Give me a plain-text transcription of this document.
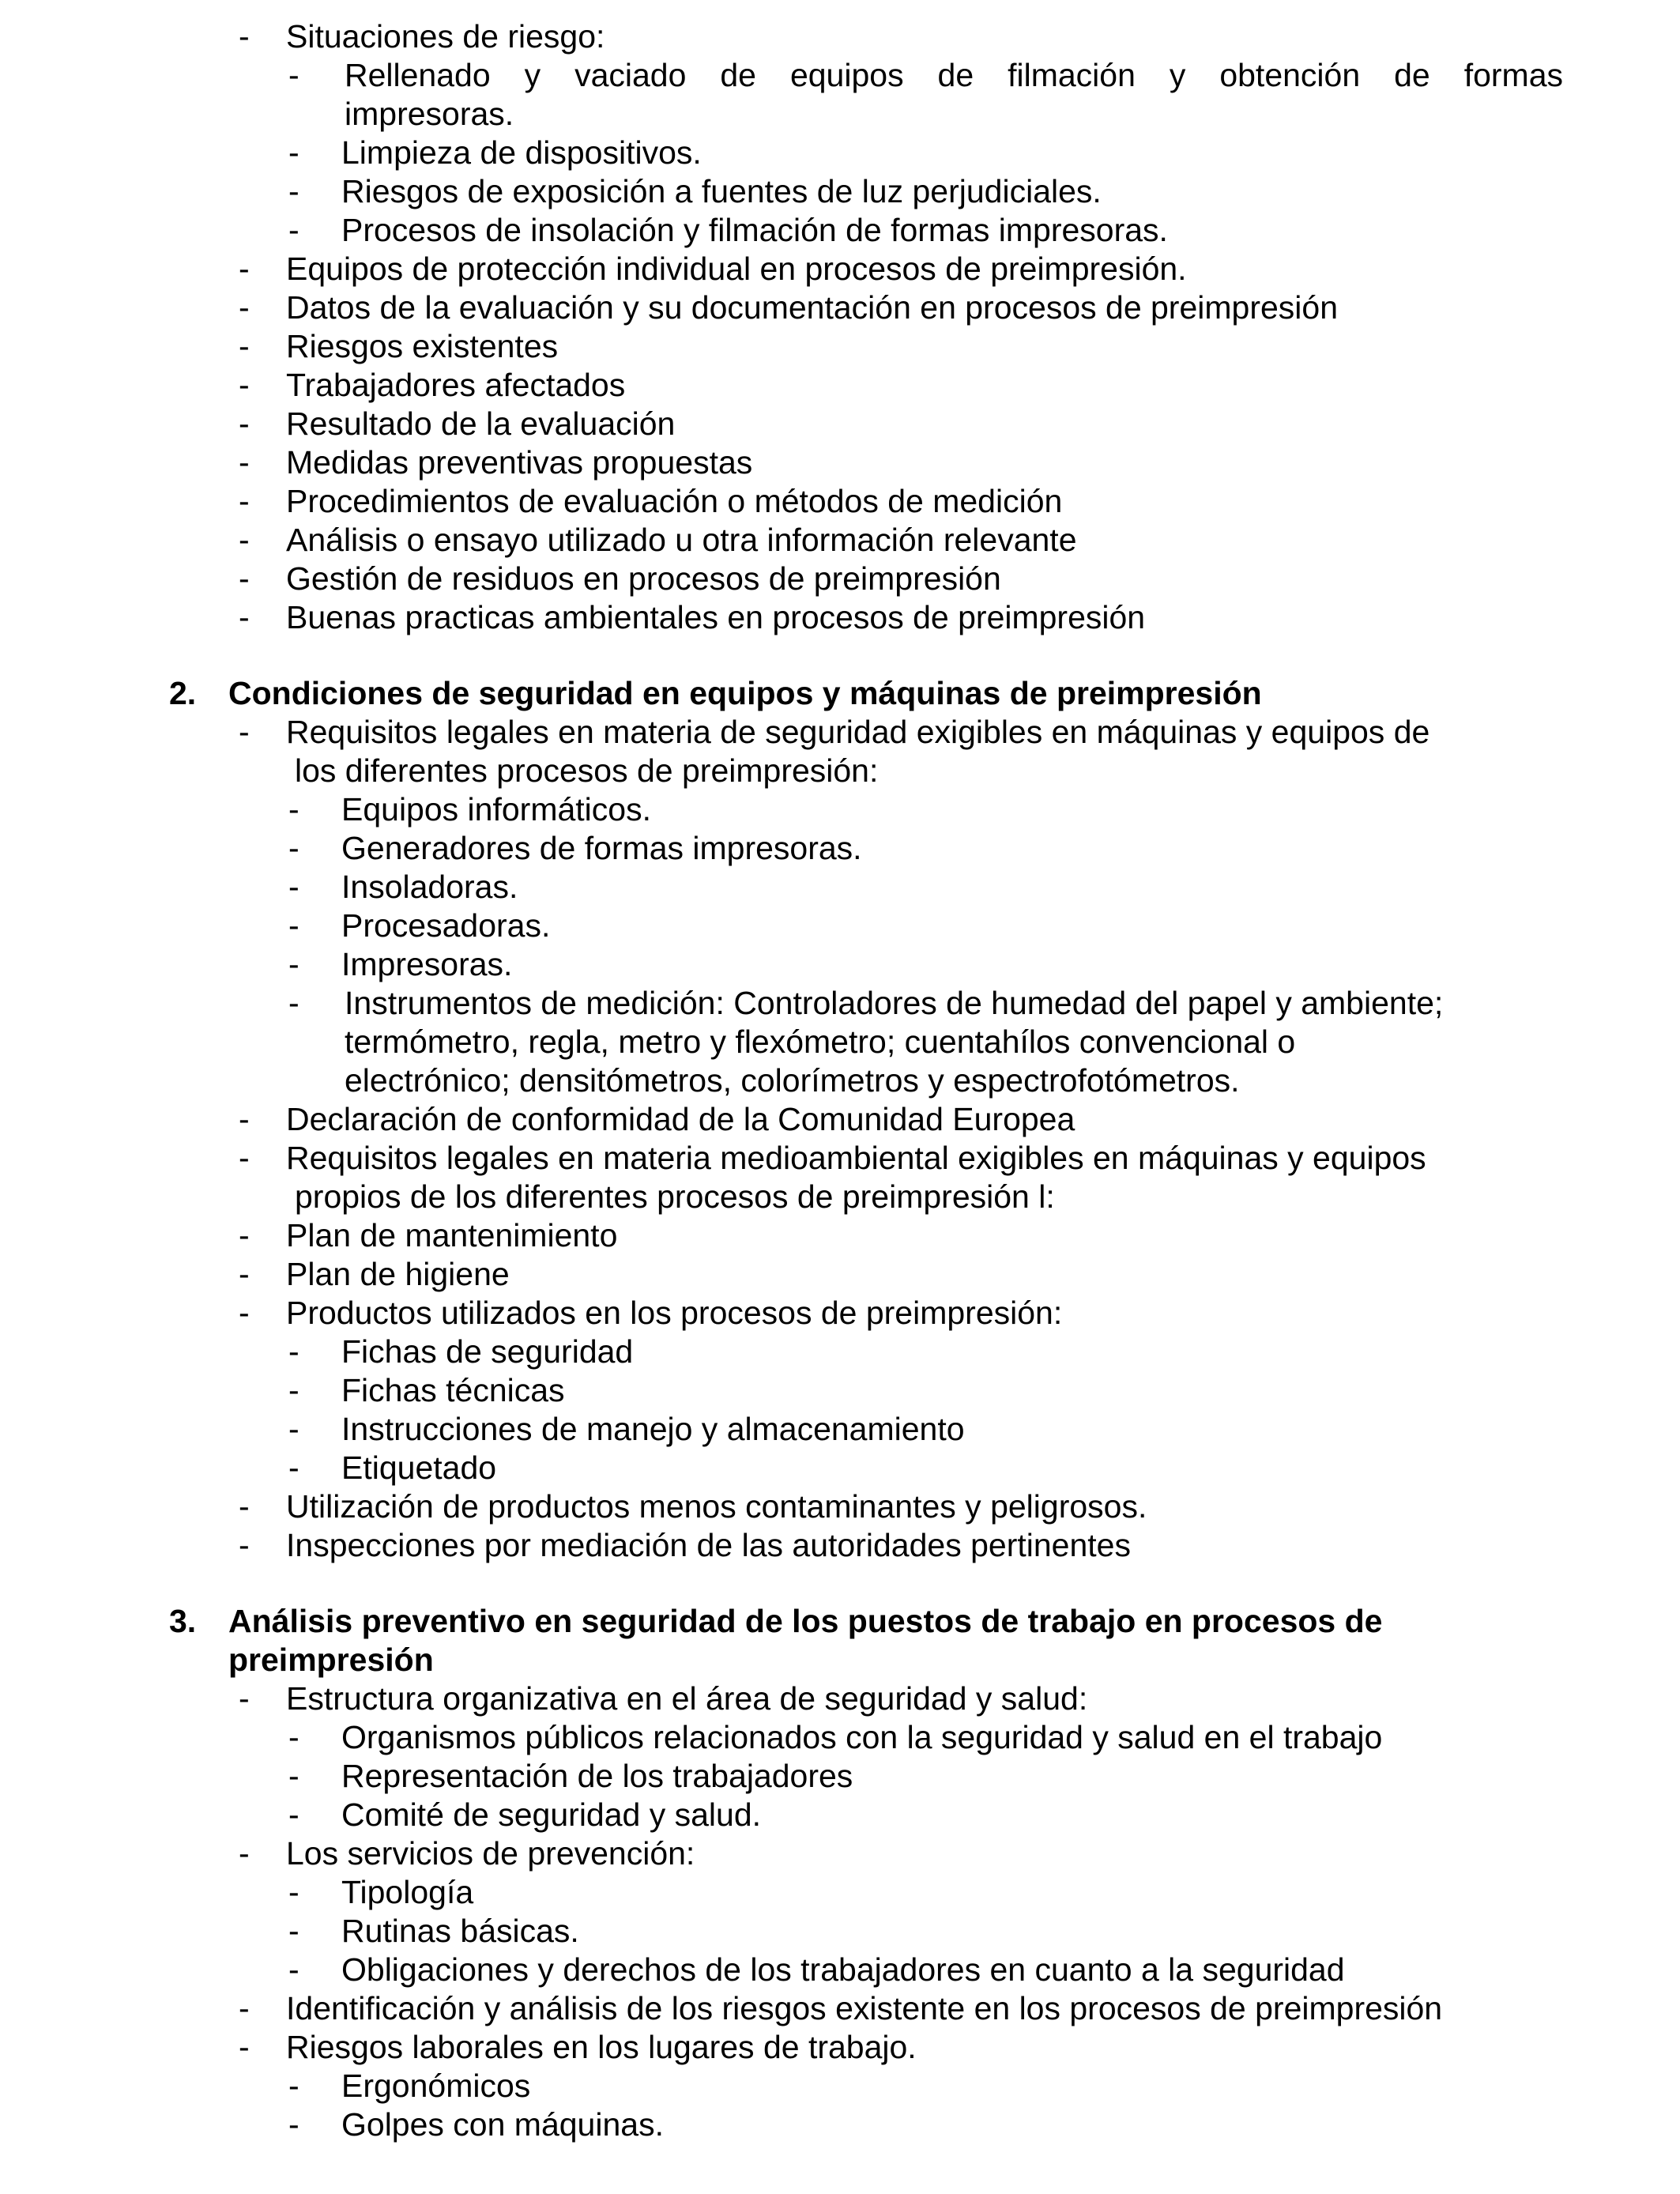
- Situaciones de riesgo:
- Rellenado y vaciado de equipos de filmación y obtención de formas
impresoras.
- Limpieza de dispositivos.
- Riesgos de exposición a fuentes de luz perjudiciales.
- Procesos de insolación y filmación de formas impresoras.
- Equipos de protección individual en procesos de preimpresión.
- Datos de la evaluación y su documentación en procesos de preimpresión
- Riesgos existentes
- Trabajadores afectados
- Resultado de la evaluación
- Medidas preventivas propuestas
- Procedimientos de evaluación o métodos de medición
- Análisis o ensayo utilizado u otra información relevante
- Gestión de residuos en procesos de preimpresión
- Buenas practicas ambientales en procesos de preimpresión
2. Condiciones de seguridad en equipos y máquinas de preimpresión
- Requisitos legales en materia de seguridad exigibles en máquinas y equipos de
los diferentes procesos de preimpresión:
- Equipos informáticos.
- Generadores de formas impresoras.
- Insoladoras.
- Procesadoras.
- Impresoras.
- Instrumentos de medición: Controladores de humedad del papel y ambiente;
termómetro, regla, metro y flexómetro; cuentahílos convencional o
electrónico; densitómetros, colorímetros y espectrofotómetros.
- Declaración de conformidad de la Comunidad Europea
- Requisitos legales en materia medioambiental exigibles en máquinas y equipos
propios de los diferentes procesos de preimpresión l:
- Plan de mantenimiento
- Plan de higiene
- Productos utilizados en los procesos de preimpresión:
- Fichas de seguridad
- Fichas técnicas
- Instrucciones de manejo y almacenamiento
- Etiquetado
- Utilización de productos menos contaminantes y peligrosos.
- Inspecciones por mediación de las autoridades pertinentes
3. Análisis preventivo en seguridad de los puestos de trabajo en procesos de
preimpresión
- Estructura organizativa en el área de seguridad y salud:
- Organismos públicos relacionados con la seguridad y salud en el trabajo
- Representación de los trabajadores
- Comité de seguridad y salud.
- Los servicios de prevención:
- Tipología
- Rutinas básicas.
- Obligaciones y derechos de los trabajadores en cuanto a la seguridad
- Identificación y análisis de los riesgos existente en los procesos de preimpresión
- Riesgos laborales en los lugares de trabajo.
- Ergonómicos
- Golpes con máquinas.
